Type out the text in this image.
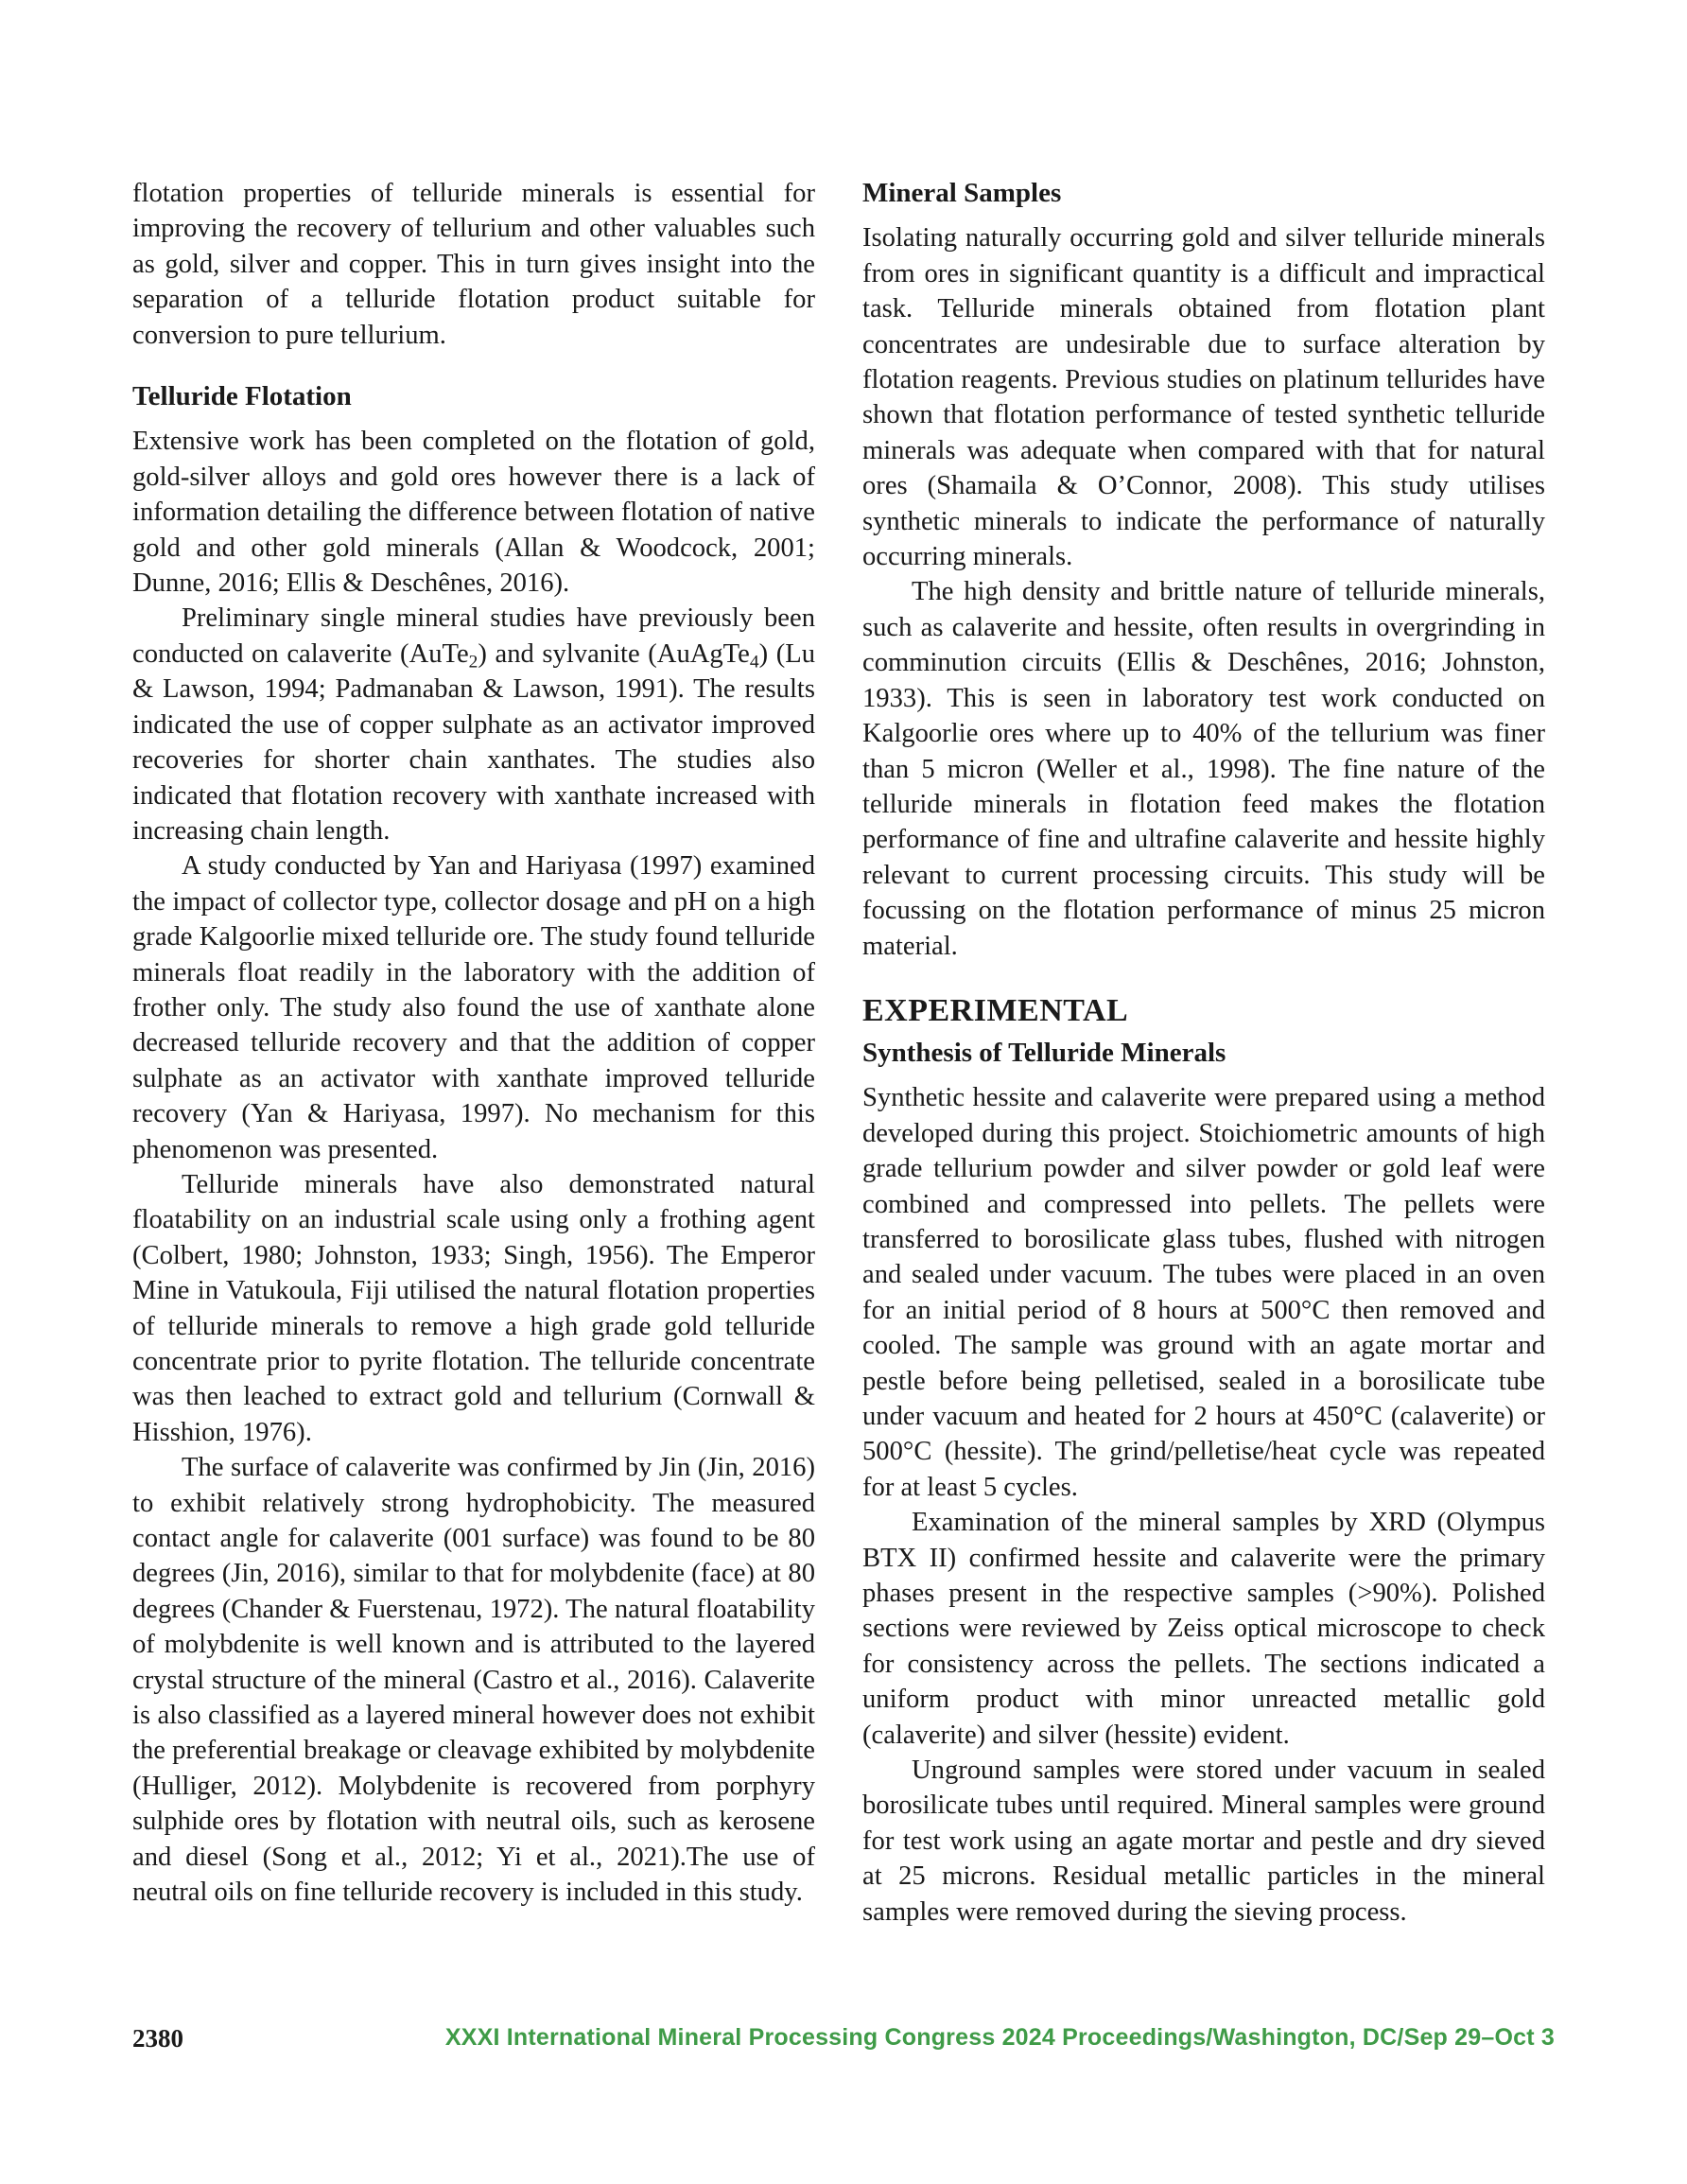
flotation properties of telluride minerals is essential for improving the recovery of tellurium and other valuables such as gold, silver and copper. This in turn gives insight into the separation of a telluride flotation product suitable for conversion to pure tellurium.

Telluride Flotation

Extensive work has been completed on the flotation of gold, gold-silver alloys and gold ores however there is a lack of information detailing the difference between flotation of native gold and other gold minerals (Allan & Woodcock, 2001; Dunne, 2016; Ellis & Deschênes, 2016).

Preliminary single mineral studies have previously been conducted on calaverite (AuTe$_2$) and sylvanite (AuAgTe$_4$) (Lu & Lawson, 1994; Padmanaban & Lawson, 1991). The results indicated the use of copper sulphate as an activator improved recoveries for shorter chain xanthates. The studies also indicated that flotation recovery with xanthate increased with increasing chain length.

A study conducted by Yan and Hariyasa (1997) examined the impact of collector type, collector dosage and pH on a high grade Kalgoorlie mixed telluride ore. The study found telluride minerals float readily in the laboratory with the addition of frother only. The study also found the use of xanthate alone decreased telluride recovery and that the addition of copper sulphate as an activator with xanthate improved telluride recovery (Yan & Hariyasa, 1997). No mechanism for this phenomenon was presented.

Telluride minerals have also demonstrated natural floatability on an industrial scale using only a frothing agent (Colbert, 1980; Johnston, 1933; Singh, 1956). The Emperor Mine in Vatukoula, Fiji utilised the natural flotation properties of telluride minerals to remove a high grade gold telluride concentrate prior to pyrite flotation. The telluride concentrate was then leached to extract gold and tellurium (Cornwall & Hisshion, 1976).

The surface of calaverite was confirmed by Jin (Jin, 2016) to exhibit relatively strong hydrophobicity. The measured contact angle for calaverite (001 surface) was found to be 80 degrees (Jin, 2016), similar to that for molybdenite (face) at 80 degrees (Chander & Fuerstenau, 1972). The natural floatability of molybdenite is well known and is attributed to the layered crystal structure of the mineral (Castro et al., 2016). Calaverite is also classified as a layered mineral however does not exhibit the preferential breakage or cleavage exhibited by molybdenite (Hulliger, 2012). Molybdenite is recovered from porphyry sulphide ores by flotation with neutral oils, such as kerosene and diesel (Song et al., 2012; Yi et al., 2021).The use of neutral oils on fine telluride recovery is included in this study.

Mineral Samples

Isolating naturally occurring gold and silver telluride minerals from ores in significant quantity is a difficult and impractical task. Telluride minerals obtained from flotation plant concentrates are undesirable due to surface alteration by flotation reagents. Previous studies on platinum tellurides have shown that flotation performance of tested synthetic telluride minerals was adequate when compared with that for natural ores (Shamaila & O’Connor, 2008). This study utilises synthetic minerals to indicate the performance of naturally occurring minerals.

The high density and brittle nature of telluride minerals, such as calaverite and hessite, often results in overgrinding in comminution circuits (Ellis & Deschênes, 2016; Johnston, 1933). This is seen in laboratory test work conducted on Kalgoorlie ores where up to 40% of the tellurium was finer than 5 micron (Weller et al., 1998). The fine nature of the telluride minerals in flotation feed makes the flotation performance of fine and ultrafine calaverite and hessite highly relevant to current processing circuits. This study will be focussing on the flotation performance of minus 25 micron material.

EXPERIMENTAL
Synthesis of Telluride Minerals

Synthetic hessite and calaverite were prepared using a method developed during this project. Stoichiometric amounts of high grade tellurium powder and silver powder or gold leaf were combined and compressed into pellets. The pellets were transferred to borosilicate glass tubes, flushed with nitrogen and sealed under vacuum. The tubes were placed in an oven for an initial period of 8 hours at 500°C then removed and cooled. The sample was ground with an agate mortar and pestle before being pelletised, sealed in a borosilicate tube under vacuum and heated for 2 hours at 450°C (calaverite) or 500°C (hessite). The grind/pelletise/heat cycle was repeated for at least 5 cycles.

Examination of the mineral samples by XRD (Olympus BTX II) confirmed hessite and calaverite were the primary phases present in the respective samples (>90%). Polished sections were reviewed by Zeiss optical microscope to check for consistency across the pellets. The sections indicated a uniform product with minor unreacted metallic gold (calaverite) and silver (hessite) evident.

Unground samples were stored under vacuum in sealed borosilicate tubes until required. Mineral samples were ground for test work using an agate mortar and pestle and dry sieved at 25 microns. Residual metallic particles in the mineral samples were removed during the sieving process.

2380	XXXI International Mineral Processing Congress 2024 Proceedings/Washington, DC/Sep 29–Oct 3
